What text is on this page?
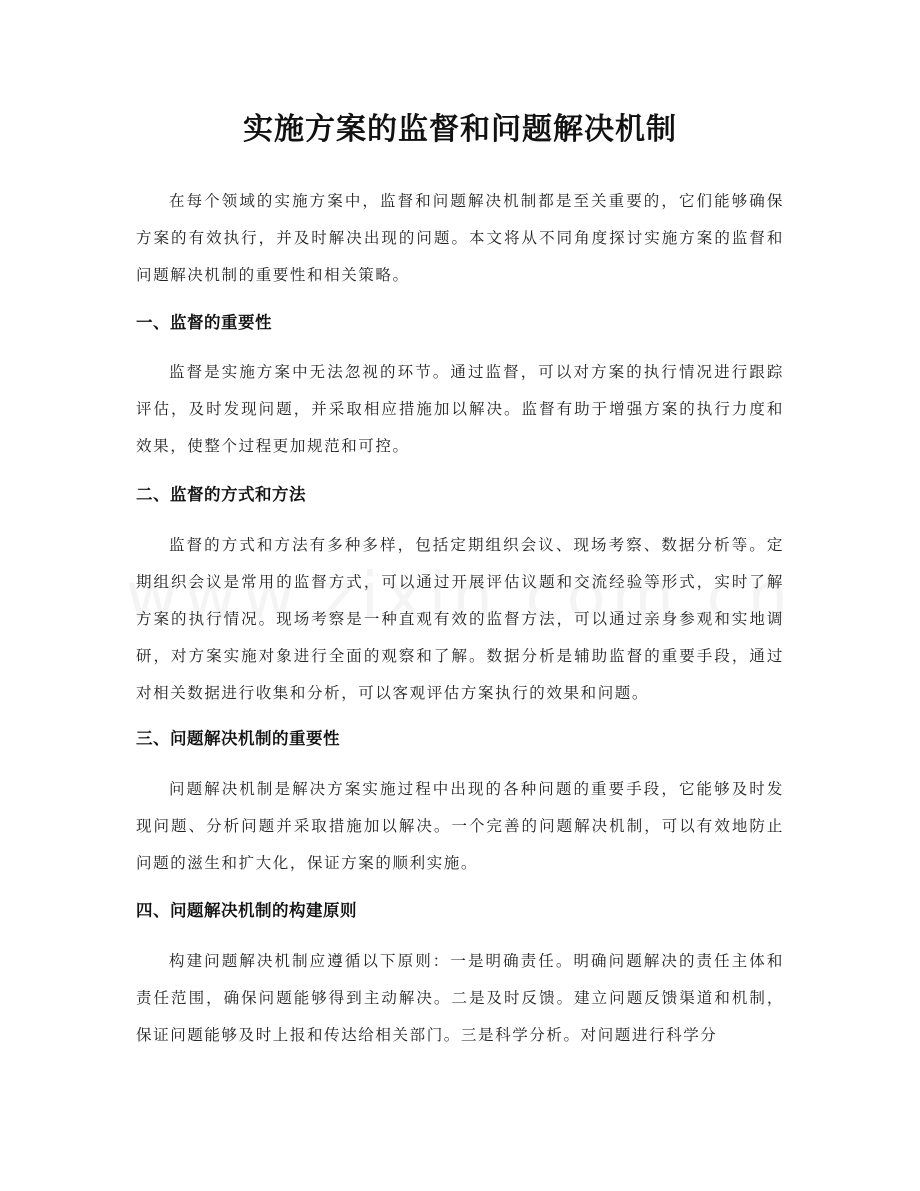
实施方案的监督和问题解决机制

在每个领域的实施方案中，监督和问题解决机制都是至关重要的，它们能够确保方案的有效执行，并及时解决出现的问题。本文将从不同角度探讨实施方案的监督和问题解决机制的重要性和相关策略。

一、监督的重要性

监督是实施方案中无法忽视的环节。通过监督，可以对方案的执行情况进行跟踪评估，及时发现问题，并采取相应措施加以解决。监督有助于增强方案的执行力度和效果，使整个过程更加规范和可控。

二、监督的方式和方法

监督的方式和方法有多种多样，包括定期组织会议、现场考察、数据分析等。定期组织会议是常用的监督方式，可以通过开展评估议题和交流经验等形式，实时了解方案的执行情况。现场考察是一种直观有效的监督方法，可以通过亲身参观和实地调研，对方案实施对象进行全面的观察和了解。数据分析是辅助监督的重要手段，通过对相关数据进行收集和分析，可以客观评估方案执行的效果和问题。

三、问题解决机制的重要性

问题解决机制是解决方案实施过程中出现的各种问题的重要手段，它能够及时发现问题、分析问题并采取措施加以解决。一个完善的问题解决机制，可以有效地防止问题的滋生和扩大化，保证方案的顺利实施。

四、问题解决机制的构建原则

构建问题解决机制应遵循以下原则：一是明确责任。明确问题解决的责任主体和责任范围，确保问题能够得到主动解决。二是及时反馈。建立问题反馈渠道和机制，保证问题能够及时上报和传达给相关部门。三是科学分析。对问题进行科学分
